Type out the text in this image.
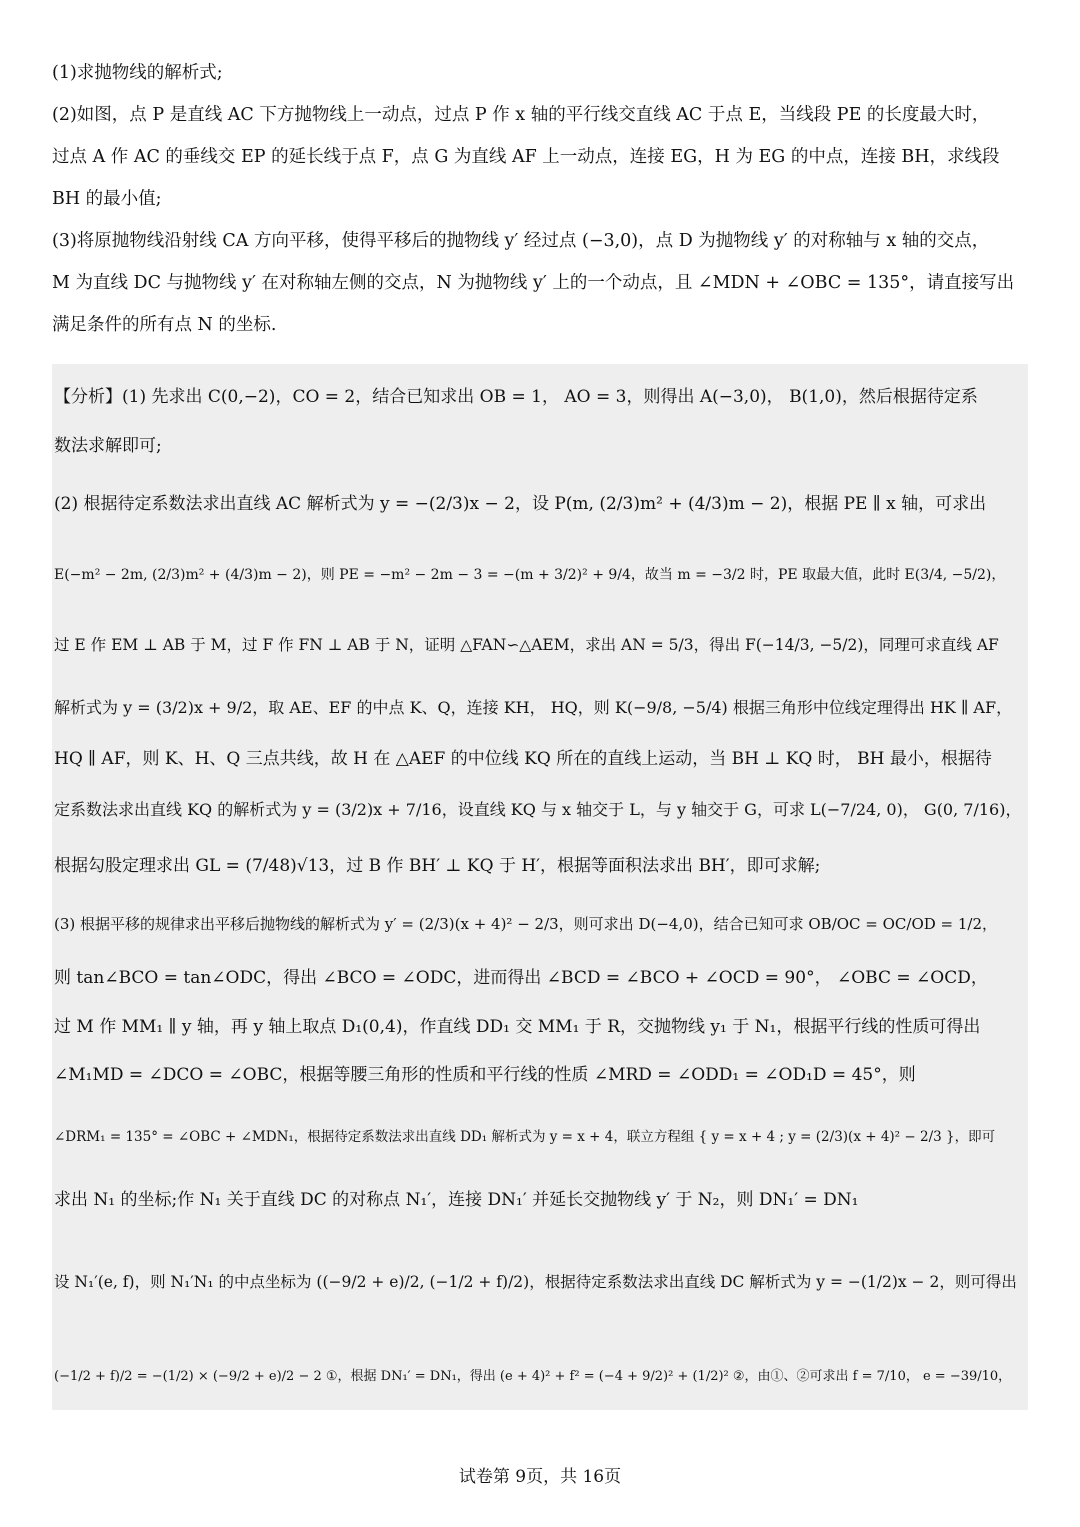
(1)求抛物线的解析式;

(2)如图，点 P 是直线 AC 下方抛物线上一动点，过点 P 作 x 轴的平行线交直线 AC 于点 E，当线段 PE 的长度最大时，

过点 A 作 AC 的垂线交 EP 的延长线于点 F，点 G 为直线 AF 上一动点，连接 EG，H 为 EG 的中点，连接 BH，求线段

BH 的最小值;

(3)将原抛物线沿射线 CA 方向平移，使得平移后的抛物线 y′ 经过点 (−3,0)，点 D 为抛物线 y′ 的对称轴与 x 轴的交点，

M 为直线 DC 与抛物线 y′ 在对称轴左侧的交点，N 为抛物线 y′ 上的一个动点，且 ∠MDN + ∠OBC = 135°，请直接写出

满足条件的所有点 N 的坐标.

【分析】(1) 先求出 C(0,−2)，CO = 2，结合已知求出 OB = 1， AO = 3，则得出 A(−3,0)， B(1,0)，然后根据待定系

数法求解即可;

(2) 根据待定系数法求出直线 AC 解析式为 y = −(2/3)x − 2，设 P(m, (2/3)m² + (4/3)m − 2)，根据 PE ∥ x 轴，可求出

E(−m² − 2m, (2/3)m² + (4/3)m − 2)，则 PE = −m² − 2m − 3 = −(m + 3/2)² + 9/4，故当 m = −3/2 时，PE 取最大值，此时 E(3/4, −5/2)，

过 E 作 EM ⊥ AB 于 M，过 F 作 FN ⊥ AB 于 N，证明 △FAN∽△AEM，求出 AN = 5/3，得出 F(−14/3, −5/2)，同理可求直线 AF

解析式为 y = (3/2)x + 9/2，取 AE、EF 的中点 K、Q，连接 KH， HQ，则 K(−9/8, −5/4) 根据三角形中位线定理得出 HK ∥ AF，

HQ ∥ AF，则 K、H、Q 三点共线，故 H 在 △AEF 的中位线 KQ 所在的直线上运动，当 BH ⊥ KQ 时， BH 最小，根据待

定系数法求出直线 KQ 的解析式为 y = (3/2)x + 7/16，设直线 KQ 与 x 轴交于 L，与 y 轴交于 G，可求 L(−7/24, 0)， G(0, 7/16)，

根据勾股定理求出 GL = (7/48)√13，过 B 作 BH′ ⊥ KQ 于 H′，根据等面积法求出 BH′，即可求解;

(3) 根据平移的规律求出平移后抛物线的解析式为 y′ = (2/3)(x + 4)² − 2/3，则可求出 D(−4,0)，结合已知可求 OB/OC = OC/OD = 1/2，

则 tan∠BCO = tan∠ODC，得出 ∠BCO = ∠ODC，进而得出 ∠BCD = ∠BCO + ∠OCD = 90°， ∠OBC = ∠OCD，

过 M 作 MM₁ ∥ y 轴，再 y 轴上取点 D₁(0,4)，作直线 DD₁ 交 MM₁ 于 R，交抛物线 y₁ 于 N₁，根据平行线的性质可得出

∠M₁MD = ∠DCO = ∠OBC，根据等腰三角形的性质和平行线的性质 ∠MRD = ∠ODD₁ = ∠OD₁D = 45°，则

∠DRM₁ = 135° = ∠OBC + ∠MDN₁，根据待定系数法求出直线 DD₁ 解析式为 y = x + 4，联立方程组 { y = x + 4 ; y = (2/3)(x + 4)² − 2/3 }，即可

求出 N₁ 的坐标;作 N₁ 关于直线 DC 的对称点 N₁′，连接 DN₁′ 并延长交抛物线 y′ 于 N₂，则 DN₁′ = DN₁

设 N₁′(e, f)，则 N₁′N₁ 的中点坐标为 ((−9/2 + e)/2, (−1/2 + f)/2)，根据待定系数法求出直线 DC 解析式为 y = −(1/2)x − 2，则可得出

(−1/2 + f)/2 = −(1/2) × (−9/2 + e)/2 − 2 ①，根据 DN₁′ = DN₁，得出 (e + 4)² + f² = (−4 + 9/2)² + (1/2)² ②，由①、②可求出 f = 7/10， e = −39/10，

试卷第 9页，共 16页
